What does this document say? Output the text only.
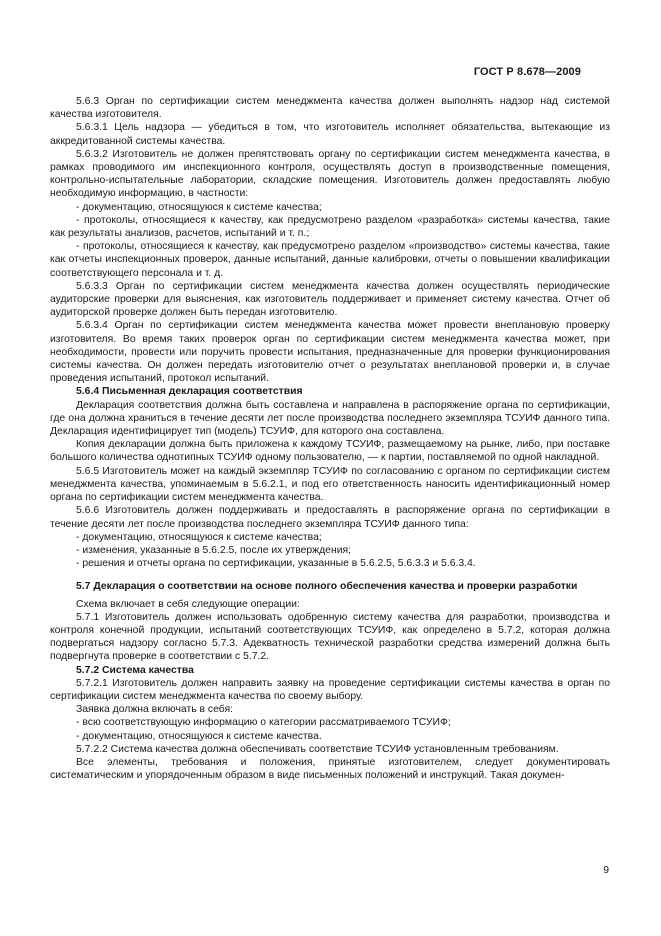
ГОСТ Р 8.678—2009

5.6.3 Орган по сертификации систем менеджмента качества должен выполнять надзор над системой качества изготовителя.

5.6.3.1 Цель надзора — убедиться в том, что изготовитель исполняет обязательства, вытекающие из аккредитованной системы качества.

5.6.3.2 Изготовитель не должен препятствовать органу по сертификации систем менеджмента качества, в рамках проводимого им инспекционного контроля, осуществлять доступ в производственные помещения, контрольно-испытательные лаборатории, складские помещения. Изготовитель должен предоставлять любую необходимую информацию, в частности:

- документацию, относящуюся к системе качества;

- протоколы, относящиеся к качеству, как предусмотрено разделом «разработка» системы качества, такие как результаты анализов, расчетов, испытаний и т. п.;

- протоколы, относящиеся к качеству, как предусмотрено разделом «производство» системы качества, такие как отчеты инспекционных проверок, данные испытаний, данные калибровки, отчеты о повышении квалификации соответствующего персонала и т. д.

5.6.3.3 Орган по сертификации систем менеджмента качества должен осуществлять периодические аудиторские проверки для выяснения, как изготовитель поддерживает и применяет систему качества. Отчет об аудиторской проверке должен быть передан изготовителю.

5.6.3.4 Орган по сертификации систем менеджмента качества может провести внеплановую проверку изготовителя. Во время таких проверок орган по сертификации систем менеджмента качества может, при необходимости, провести или поручить провести испытания, предназначенные для проверки функционирования системы качества. Он должен передать изготовителю отчет о результатах внеплановой проверки и, в случае проведения испытаний, протокол испытаний.

5.6.4 Письменная декларация соответствия

Декларация соответствия должна быть составлена и направлена в распоряжение органа по сертификации, где она должна храниться в течение десяти лет после производства последнего экземпляра ТСУИФ данного типа. Декларация идентифицирует тип (модель) ТСУИФ, для которого она составлена.

Копия декларации должна быть приложена к каждому ТСУИФ, размещаемому на рынке, либо, при поставке большого количества однотипных ТСУИФ одному пользователю, — к партии, поставляемой по одной накладной.

5.6.5 Изготовитель может на каждый экземпляр ТСУИФ по согласованию с органом по сертификации систем менеджмента качества, упоминаемым в 5.6.2.1, и под его ответственность наносить идентификационный номер органа по сертификации систем менеджмента качества.

5.6.6 Изготовитель должен поддерживать и предоставлять в распоряжение органа по сертификации в течение десяти лет после производства последнего экземпляра ТСУИФ данного типа:

- документацию, относящуюся к системе качества;

- изменения, указанные в 5.6.2.5, после их утверждения;

- решения и отчеты органа по сертификации, указанные в 5.6.2.5, 5.6.3.3 и 5.6.3.4.

5.7 Декларация о соответствии на основе полного обеспечения качества и проверки разработки

Схема включает в себя следующие операции:

5.7.1 Изготовитель должен использовать одобренную систему качества для разработки, производства и контроля конечной продукции, испытаний соответствующих ТСУИФ, как определено в 5.7.2, которая должна подвергаться надзору согласно 5.7.3. Адекватность технической разработки средства измерений должна быть подвергнута проверке в соответствии с 5.7.2.

5.7.2 Система качества

5.7.2.1 Изготовитель должен направить заявку на проведение сертификации системы качества в орган по сертификации систем менеджмента качества по своему выбору.

Заявка должна включать в себя:

- всю соответствующую информацию о категории рассматриваемого ТСУИФ;

- документацию, относящуюся к системе качества.

5.7.2.2 Система качества должна обеспечивать соответствие ТСУИФ установленным требованиям.

Все элементы, требования и положения, принятые изготовителем, следует документировать систематическим и упорядоченным образом в виде письменных положений и инструкций. Такая докумен-

9
